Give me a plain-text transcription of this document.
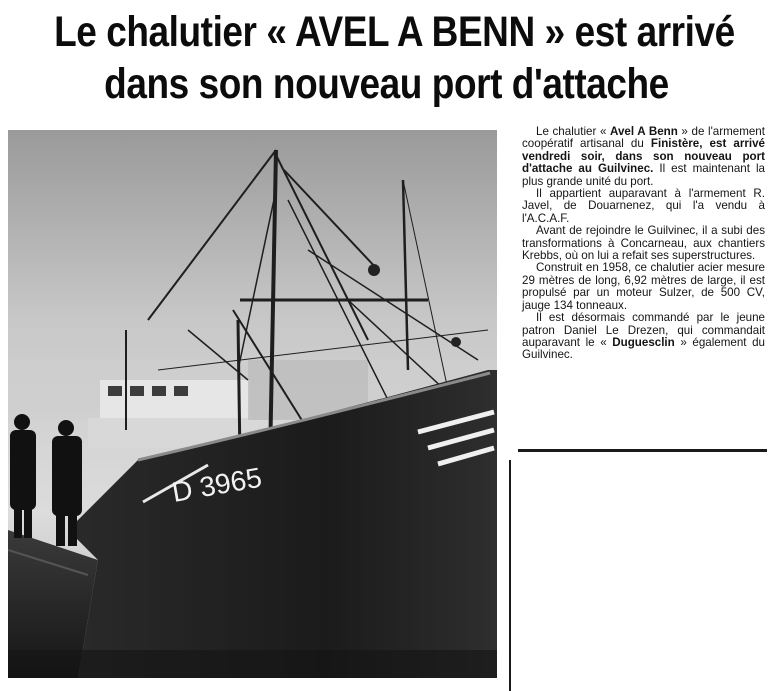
Le chalutier « AVEL A BENN » est arrivé
dans son nouveau port d'attache
D 3965

Le chalutier « Avel A Benn » de l'armement coopératif artisanal du Finistère, est arrivé vendredi soir, dans son nouveau port d'attache au Guilvinec. Il est maintenant la plus grande unité du port.

Il appartient auparavant à l'armement R. Javel, de Douarnenez, qui l'a vendu à l'A.C.A.F.

Avant de rejoindre le Guilvinec, il a subi des transformations à Concarneau, aux chantiers Krebbs, où on lui a refait ses superstructures.

Construit en 1958, ce chalutier acier mesure 29 mètres de long, 6,92 mètres de large, il est propulsé par un moteur Sulzer, de 500 CV, jauge 134 tonneaux.

Il est désormais commandé par le jeune patron Daniel Le Drezen, qui commandait auparavant le « Duguesclin » également du Guilvinec.
